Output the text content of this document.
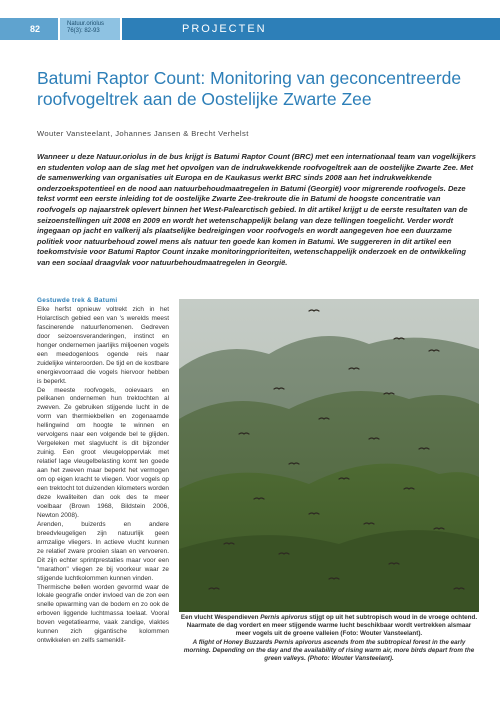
82	Natuur.oriolus
76(3): 82-93	PROJECTEN
Batumi Raptor Count: Monitoring van geconcentreerde roofvogeltrek aan de Oostelijke Zwarte Zee
Wouter Vansteelant, Johannes Jansen & Brecht Verhelst

Wanneer u deze Natuur.oriolus in de bus krijgt is Batumi Raptor Count (BRC) met een internationaal team van vogelkijkers en studenten volop aan de slag met het opvolgen van de indrukwekkende roofvogeltrek aan de oostelijke Zwarte Zee. Met de samenwerking van organisaties uit Europa en de Kaukasus werkt BRC sinds 2008 aan het indrukwekkende onderzoekspotentieel en de nood aan natuurbehoudmaatregelen in Batumi (Georgië) voor migrerende roofvogels. Deze tekst vormt een eerste inleiding tot de oostelijke Zwarte Zee-trekroute die in Batumi de hoogste concentratie van roofvogels op najaarstrek oplevert binnen het West-Palearctisch gebied. In dit artikel krijgt u de eerste resultaten van de seizoenstellingen uit 2008 en 2009 en wordt het wetenschappelijk belang van deze tellingen toegelicht. Verder wordt ingegaan op jacht en valkerij als plaatselijke bedreigingen voor roofvogels en wordt aangegeven hoe een duurzame politiek voor natuurbehoud zowel mens als natuur ten goede kan komen in Batumi. We suggereren in dit artikel een toekomstvisie voor Batumi Raptor Count inzake monitoringprioriteiten, wetenschappelijk onderzoek en de ontwikkeling van een sociaal draagvlak voor natuurbehoudmaatregelen in Georgië.

Gestuwde trek & Batumi

Elke herfst opnieuw voltrekt zich in het Holarctisch gebied een van 's werelds meest fascinerende natuurfenomenen. Gedreven door seizoensveranderingen, instinct en honger ondernemen jaarlijks miljoenen vogels een meedogenloos ogende reis naar zuidelijke winteroorden. De tijd en de kostbare energievoorraad die vogels hiervoor hebben is beperkt.

De meeste roofvogels, ooievaars en pelikanen ondernemen hun trektochten al zweven. Ze gebruiken stijgende lucht in de vorm van thermiekbellen en zogenaamde hellingwind om hoogte te winnen en vervolgens naar een volgende bel te glijden. Vergeleken met slagvlucht is dit bijzonder zuinig. Een groot vleugeloppervlak met relatief lage vleugelbelasting komt ten goede aan het zweven maar beperkt het vermogen om op eigen kracht te vliegen. Voor vogels op een trektocht tot duizenden kilometers worden deze kwaliteiten dan ook des te meer voelbaar (Brown 1968, Bildstein 2006, Newton 2008).

Arenden, buizerds en andere breedvleugeligen zijn natuurlijk geen armzalige vliegers. In actieve vlucht kunnen ze relatief zware prooien slaan en vervoeren. Dit zijn echter sprintprestaties maar voor een "marathon" vliegen ze bij voorkeur waar ze stijgende luchtkolommen kunnen vinden.

Thermische bellen worden gevormd waar de lokale geografie onder invloed van de zon een snelle opwarming van de bodem en zo ook de erboven liggende luchtmassa toelaat. Vooral boven vegetatiearme, vaak zandige, vlaktes kunnen zich gigantische kolommen ontwikkelen en zelfs samenklit-

Een vlucht Wespendieven Pernis apivorus stijgt op uit het subtropisch woud in de vroege ochtend. Naarmate de dag vordert en meer stijgende warme lucht beschikbaar wordt vertrekken alsmaar meer vogels uit de groene valleien (Foto: Wouter Vansteelant).
A flight of Honey Buzzards Pernis apivorus ascends from the subtropical forest in the early morning. Depending on the day and the availability of rising warm air, more birds depart from the green valleys. (Photo: Wouter Vansteelant).
